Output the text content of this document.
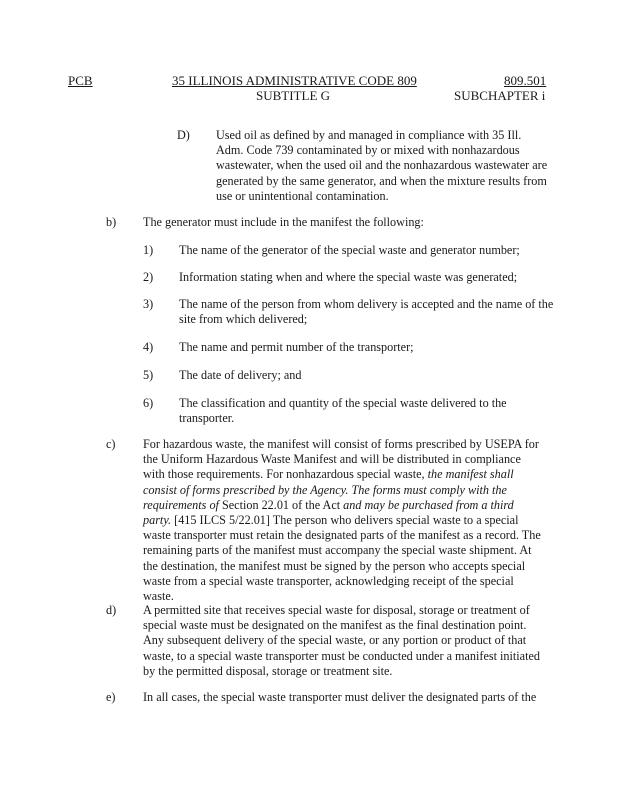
PCB	35 ILLINOIS ADMINISTRATIVE CODE 809	809.501
SUBTITLE G	SUBCHAPTER i
D) Used oil as defined by and managed in compliance with 35 Ill. Adm. Code 739 contaminated by or mixed with nonhazardous wastewater, when the used oil and the nonhazardous wastewater are generated by the same generator, and when the mixture results from use or unintentional contamination.
b) The generator must include in the manifest the following:
1) The name of the generator of the special waste and generator number;
2) Information stating when and where the special waste was generated;
3) The name of the person from whom delivery is accepted and the name of the site from which delivered;
4) The name and permit number of the transporter;
5) The date of delivery; and
6) The classification and quantity of the special waste delivered to the transporter.
c) For hazardous waste, the manifest will consist of forms prescribed by USEPA for the Uniform Hazardous Waste Manifest and will be distributed in compliance with those requirements. For nonhazardous special waste, the manifest shall consist of forms prescribed by the Agency. The forms must comply with the requirements of Section 22.01 of the Act and may be purchased from a third party. [415 ILCS 5/22.01] The person who delivers special waste to a special waste transporter must retain the designated parts of the manifest as a record. The remaining parts of the manifest must accompany the special waste shipment. At the destination, the manifest must be signed by the person who accepts special waste from a special waste transporter, acknowledging receipt of the special waste.

d) A permitted site that receives special waste for disposal, storage or treatment of special waste must be designated on the manifest as the final destination point. Any subsequent delivery of the special waste, or any portion or product of that waste, to a special waste transporter must be conducted under a manifest initiated by the permitted disposal, storage or treatment site.
e) In all cases, the special waste transporter must deliver the designated parts of the
